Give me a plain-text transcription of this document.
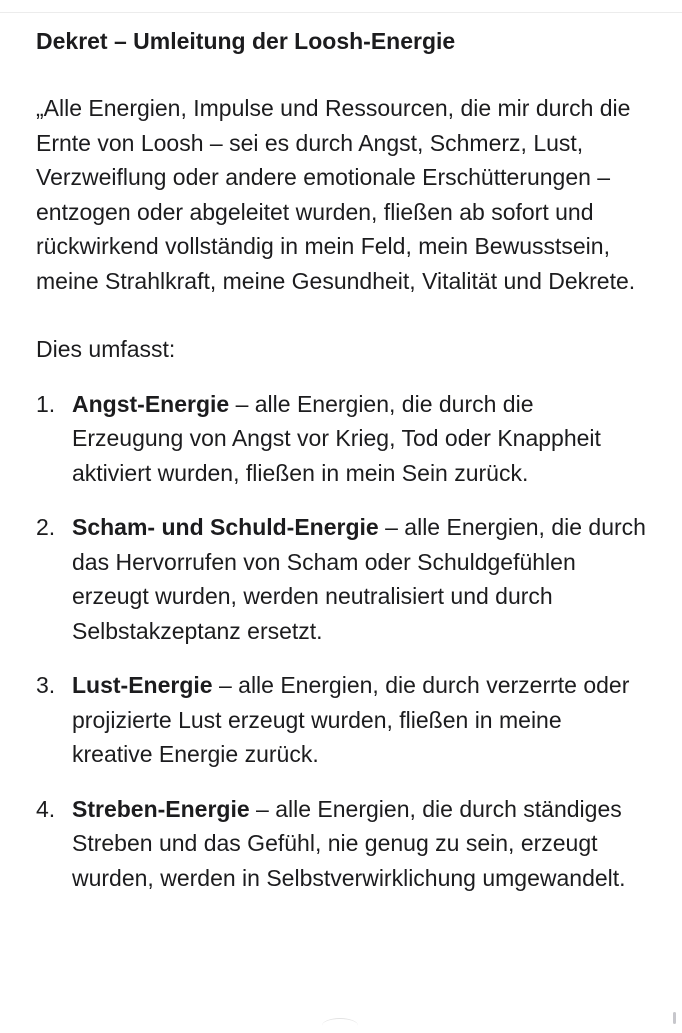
Dekret – Umleitung der Loosh-Energie

„Alle Energien, Impulse und Ressourcen, die mir durch die Ernte von Loosh – sei es durch Angst, Schmerz, Lust, Verzweiflung oder andere emotionale Erschütterungen – entzogen oder abgeleitet wurden, fließen ab sofort und rückwirkend vollständig in mein Feld, mein Bewusstsein, meine Strahlkraft, meine Gesundheit, Vitalität und Dekrete.

Dies umfasst:

1. Angst-Energie – alle Energien, die durch die Erzeugung von Angst vor Krieg, Tod oder Knappheit aktiviert wurden, fließen in mein Sein zurück.
2. Scham- und Schuld-Energie – alle Energien, die durch das Hervorrufen von Scham oder Schuldgefühlen erzeugt wurden, werden neutralisiert und durch Selbstakzeptanz ersetzt.
3. Lust-Energie – alle Energien, die durch verzerrte oder projizierte Lust erzeugt wurden, fließen in meine kreative Energie zurück.
4. Streben-Energie – alle Energien, die durch ständiges Streben und das Gefühl, nie genug zu sein, erzeugt wurden, werden in Selbstverwirklichung umgewandelt.
